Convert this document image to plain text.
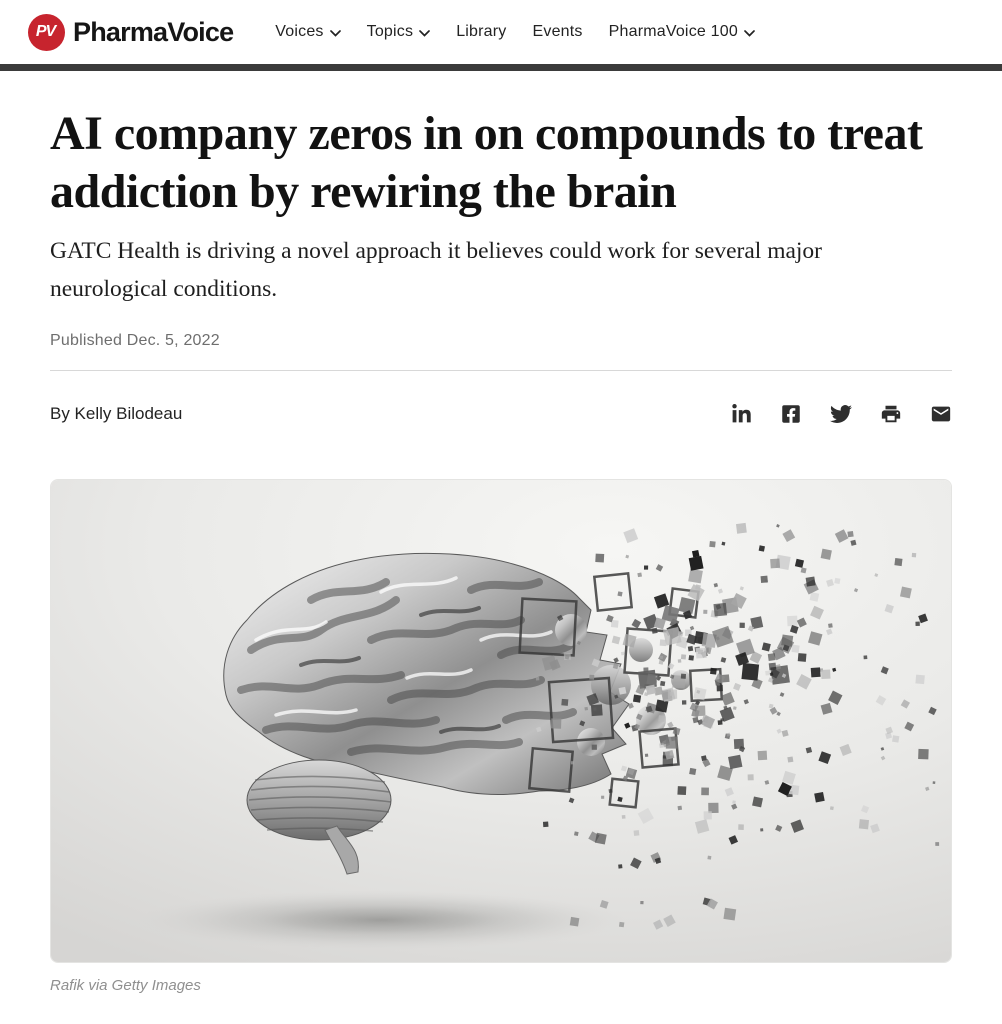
PV PharmaVoice	Voices	Topics	Library Events PharmaVoice 100
AI company zeros in on compounds to treat addiction by rewiring the brain

GATC Health is driving a novel approach it believes could work for several major neurological conditions.

Published Dec. 5, 2022
By Kelly Bilodeau
Rafik via Getty Images
